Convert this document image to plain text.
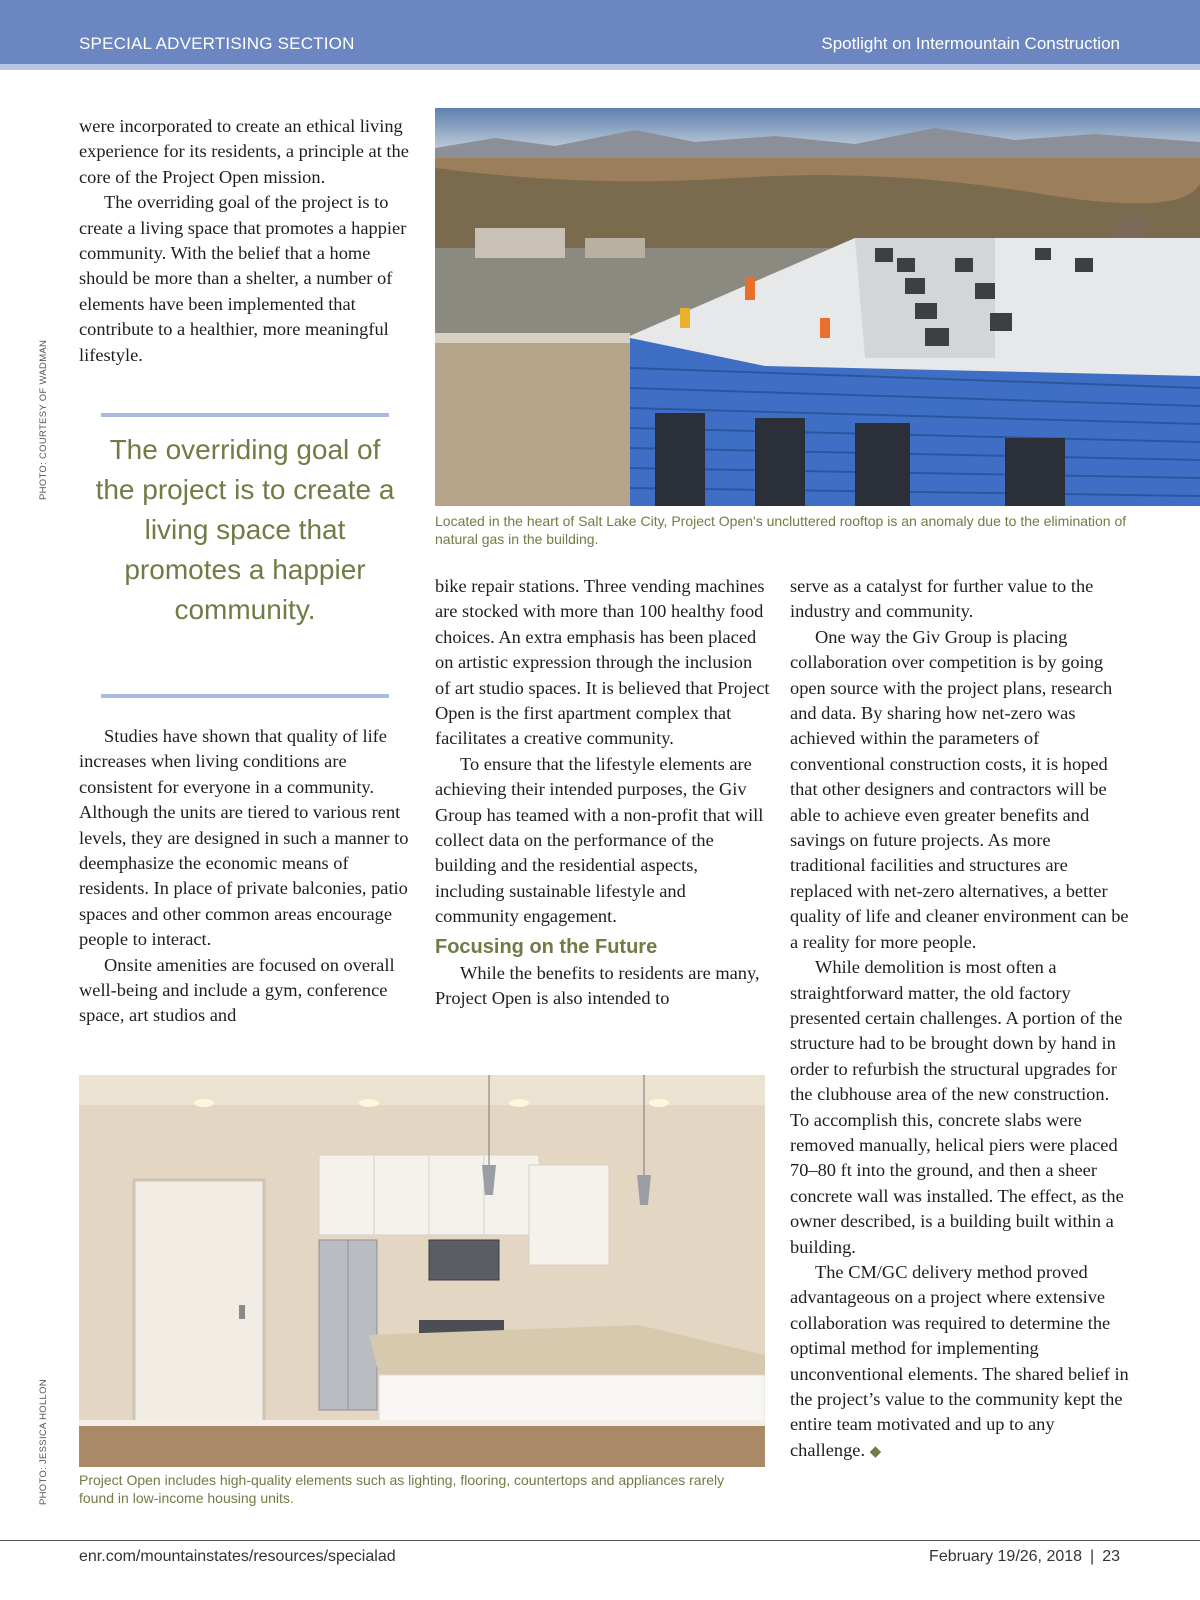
SPECIAL ADVERTISING SECTION	Spotlight on Intermountain Construction
PHOTO: COURTESY OF WADMAN
PHOTO: JESSICA HOLLON

were incorporated to create an ethical living experience for its residents, a principle at the core of the Project Open mission.

The overriding goal of the project is to create a living space that promotes a happier community. With the belief that a home should be more than a shelter, a number of elements have been implemented that contribute to a healthier, more meaningful lifestyle.

The overriding goal of the project is to create a living space that promotes a happier community.

Studies have shown that quality of life increases when living conditions are consistent for everyone in a community. Although the units are tiered to various rent levels, they are designed in such a manner to deemphasize the economic means of residents. In place of private balconies, patio spaces and other common areas encourage people to interact.

Onsite amenities are focused on overall well-being and include a gym, conference space, art studios and

Located in the heart of Salt Lake City, Project Open's uncluttered rooftop is an anomaly due to the elimination of natural gas in the building.

bike repair stations. Three vending machines are stocked with more than 100 healthy food choices. An extra emphasis has been placed on artistic expression through the inclusion of art studio spaces. It is believed that Project Open is the first apartment complex that facilitates a creative community.

To ensure that the lifestyle elements are achieving their intended purposes, the Giv Group has teamed with a non-profit that will collect data on the performance of the building and the residential aspects, including sustainable lifestyle and community engagement.

Focusing on the Future

While the benefits to residents are many, Project Open is also intended to

serve as a catalyst for further value to the industry and community.

One way the Giv Group is placing collaboration over competition is by going open source with the project plans, research and data. By sharing how net-zero was achieved within the parameters of conventional construction costs, it is hoped that other designers and contractors will be able to achieve even greater benefits and savings on future projects. As more traditional facilities and structures are replaced with net-zero alternatives, a better quality of life and cleaner environment can be a reality for more people.

While demolition is most often a straightforward matter, the old factory presented certain challenges. A portion of the structure had to be brought down by hand in order to refurbish the structural upgrades for the clubhouse area of the new construction. To accomplish this, concrete slabs were removed manually, helical piers were placed 70–80 ft into the ground, and then a sheer concrete wall was installed. The effect, as the owner described, is a building built within a building.

The CM/GC delivery method proved advantageous on a project where extensive collaboration was required to determine the optimal method for implementing unconventional elements. The shared belief in the project’s value to the community kept the entire team motivated and up to any challenge. ◆

Project Open includes high-quality elements such as lighting, flooring, countertops and appliances rarely found in low-income housing units.
enr.com/mountainstates/resources/specialad	February 19/26, 2018 | 23
